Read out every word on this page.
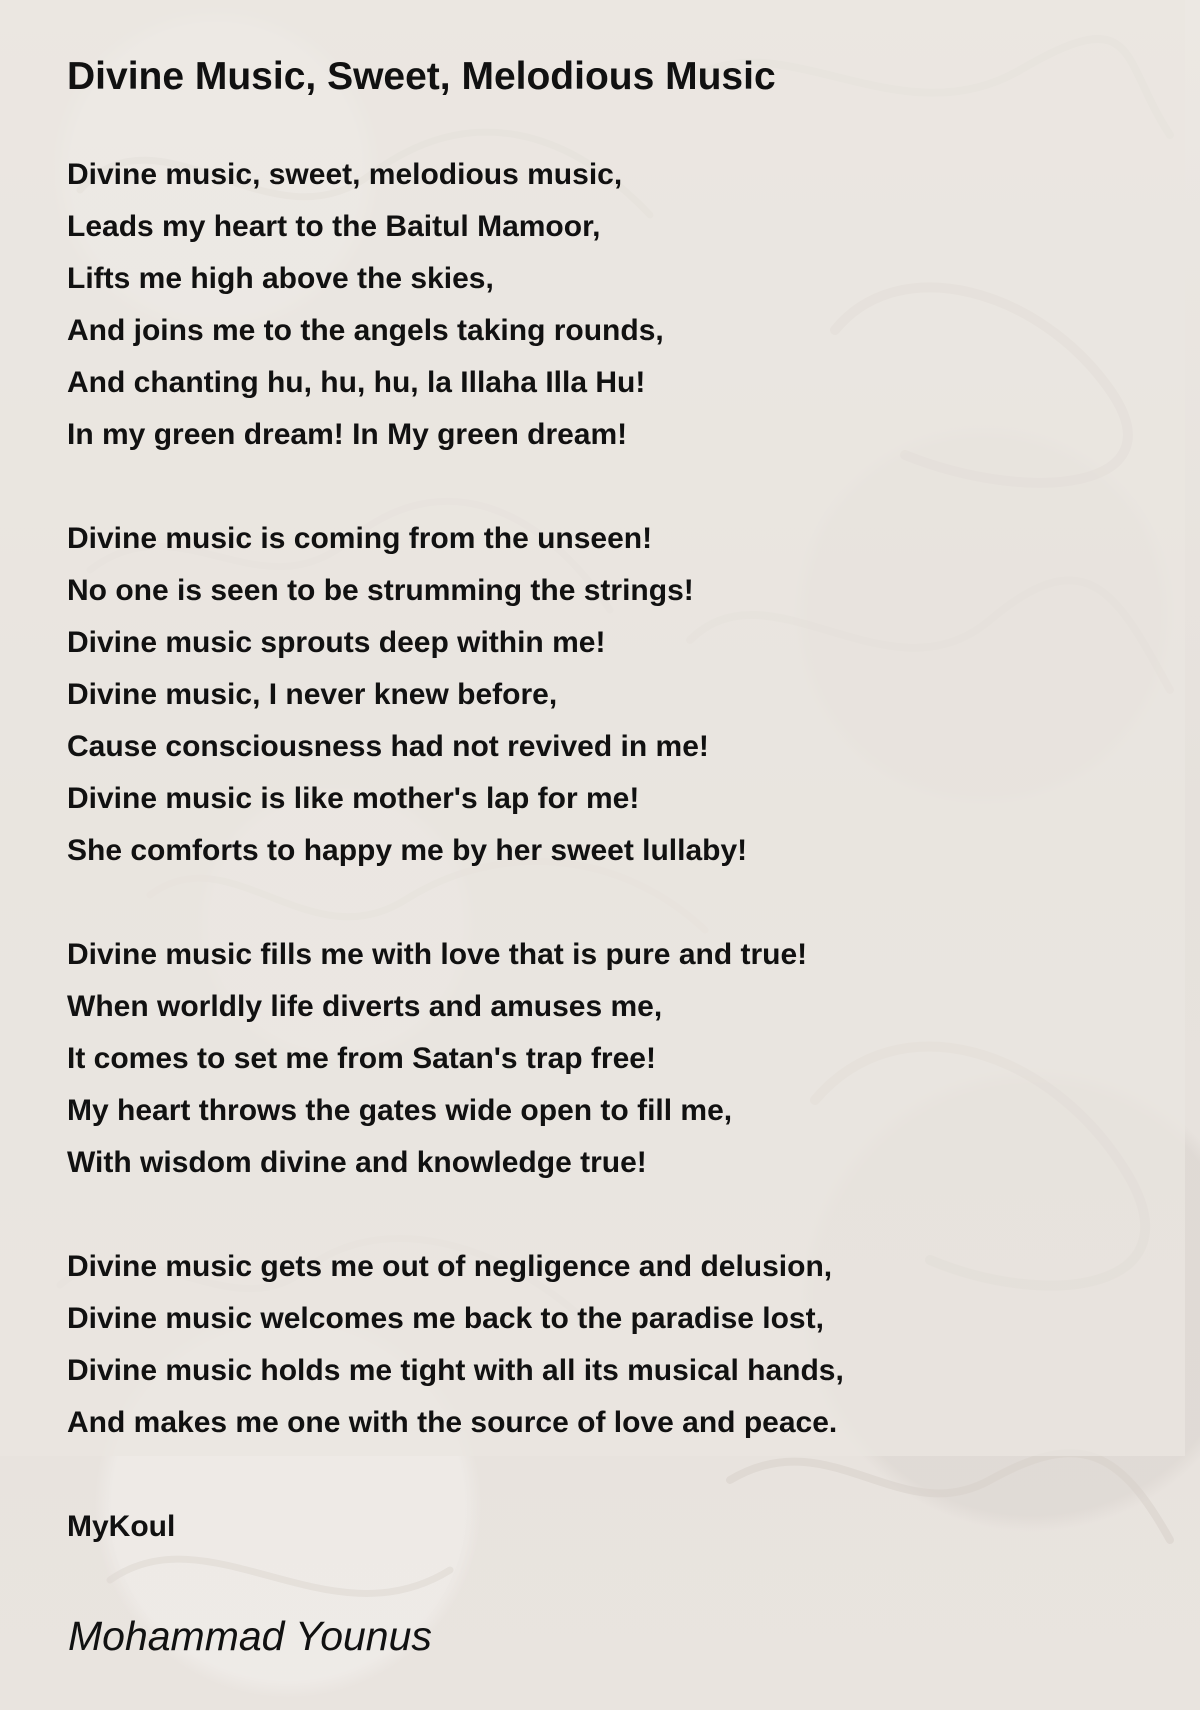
Divine Music, Sweet, Melodious Music
Divine music, sweet, melodious music,
Leads my heart to the Baitul Mamoor,
Lifts me high above the skies,
And joins me to the angels taking rounds,
And chanting hu, hu, hu, la Illaha Illa Hu!
In my green dream! In My green dream!
Divine music is coming from the unseen!
No one is seen to be strumming the strings!
Divine music sprouts deep within me!
Divine music, I never knew before,
Cause consciousness had not revived in me!
Divine music is like mother's lap for me!
She comforts to happy me by her sweet lullaby!
Divine music fills me with love that is pure and true!
When worldly life diverts and amuses me,
It comes to set me from Satan's trap free!
My heart throws the gates wide open to fill me,
With wisdom divine and knowledge true!
Divine music gets me out of negligence and delusion,
Divine music welcomes me back to the paradise lost,
Divine music holds me tight with all its musical hands,
And makes me one with the source of love and peace.
MyKoul
Mohammad Younus
